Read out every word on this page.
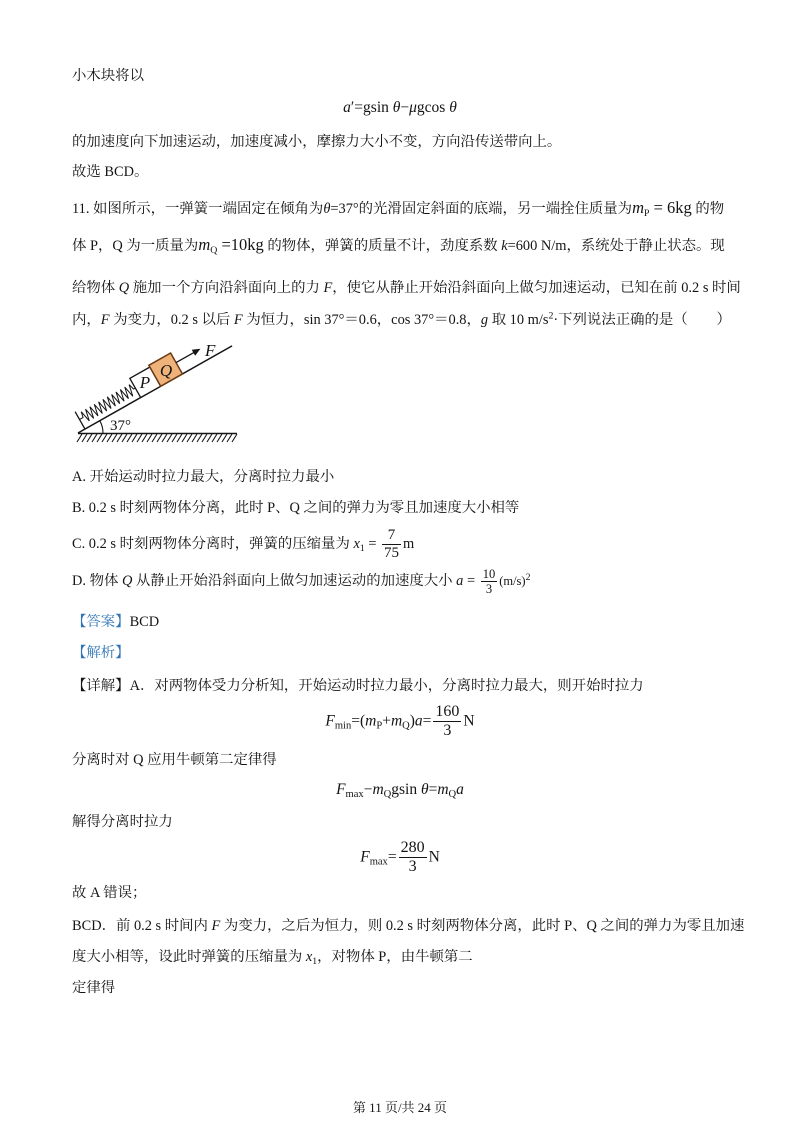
小木块将以
a′=gsin θ−μgcos θ
的加速度向下加速运动，加速度减小，摩擦力大小不变，方向沿传送带向上。
故选 BCD。
11. 如图所示，一弹簧一端固定在倾角为θ=37°的光滑固定斜面的底端，另一端拴住质量为$m_P = 6kg$ 的物
体 P，Q 为一质量为$m_Q =10kg$ 的物体，弹簧的质量不计，劲度系数 k=600 N/m，系统处于静止状态。现
给物体 Q 施加一个方向沿斜面向上的力 F，使它从静止开始沿斜面向上做匀加速运动，已知在前 0.2 s 时间
内，F 为变力，0.2 s 以后 F 为恒力，sin 37°＝0.6，cos 37°＝0.8，g 取 10 $m/s^2\cdot$下列说法正确的是（　　）
37°
P
Q
F
A. 开始运动时拉力最大，分离时拉力最小
B. 0.2 s 时刻两物体分离，此时 P、Q 之间的弹力为零且加速度大小相等
C. 0.2 s 时刻两物体分离时，弹簧的压缩量为 $x_1 = \frac{7}{75}$ m
D. 物体 Q 从静止开始沿斜面向上做匀加速运动的加速度大小 $a = \frac{10}{3} (m/s)^2$
【答案】BCD
【解析】
【详解】A．对两物体受力分析知，开始运动时拉力最小，分离时拉力最大，则开始时拉力
$F_{min}=(m_P+m_Q)a= \frac{160}{3}$ N
分离时对 Q 应用牛顿第二定律得
$F_{max}-m_Qgsin$ $\theta=m_Qa$
解得分离时拉力
$F_{max}= \frac{280}{3}$ N
故 A 错误；
BCD．前 0.2 s 时间内 F 为变力，之后为恒力，则 0.2 s 时刻两物体分离，此时 P、Q 之间的弹力为零且加速
度大小相等，设此时弹簧的压缩量为 $x_1$，对物体 P，由牛顿第二
定律得
第 11 页/共 24 页
